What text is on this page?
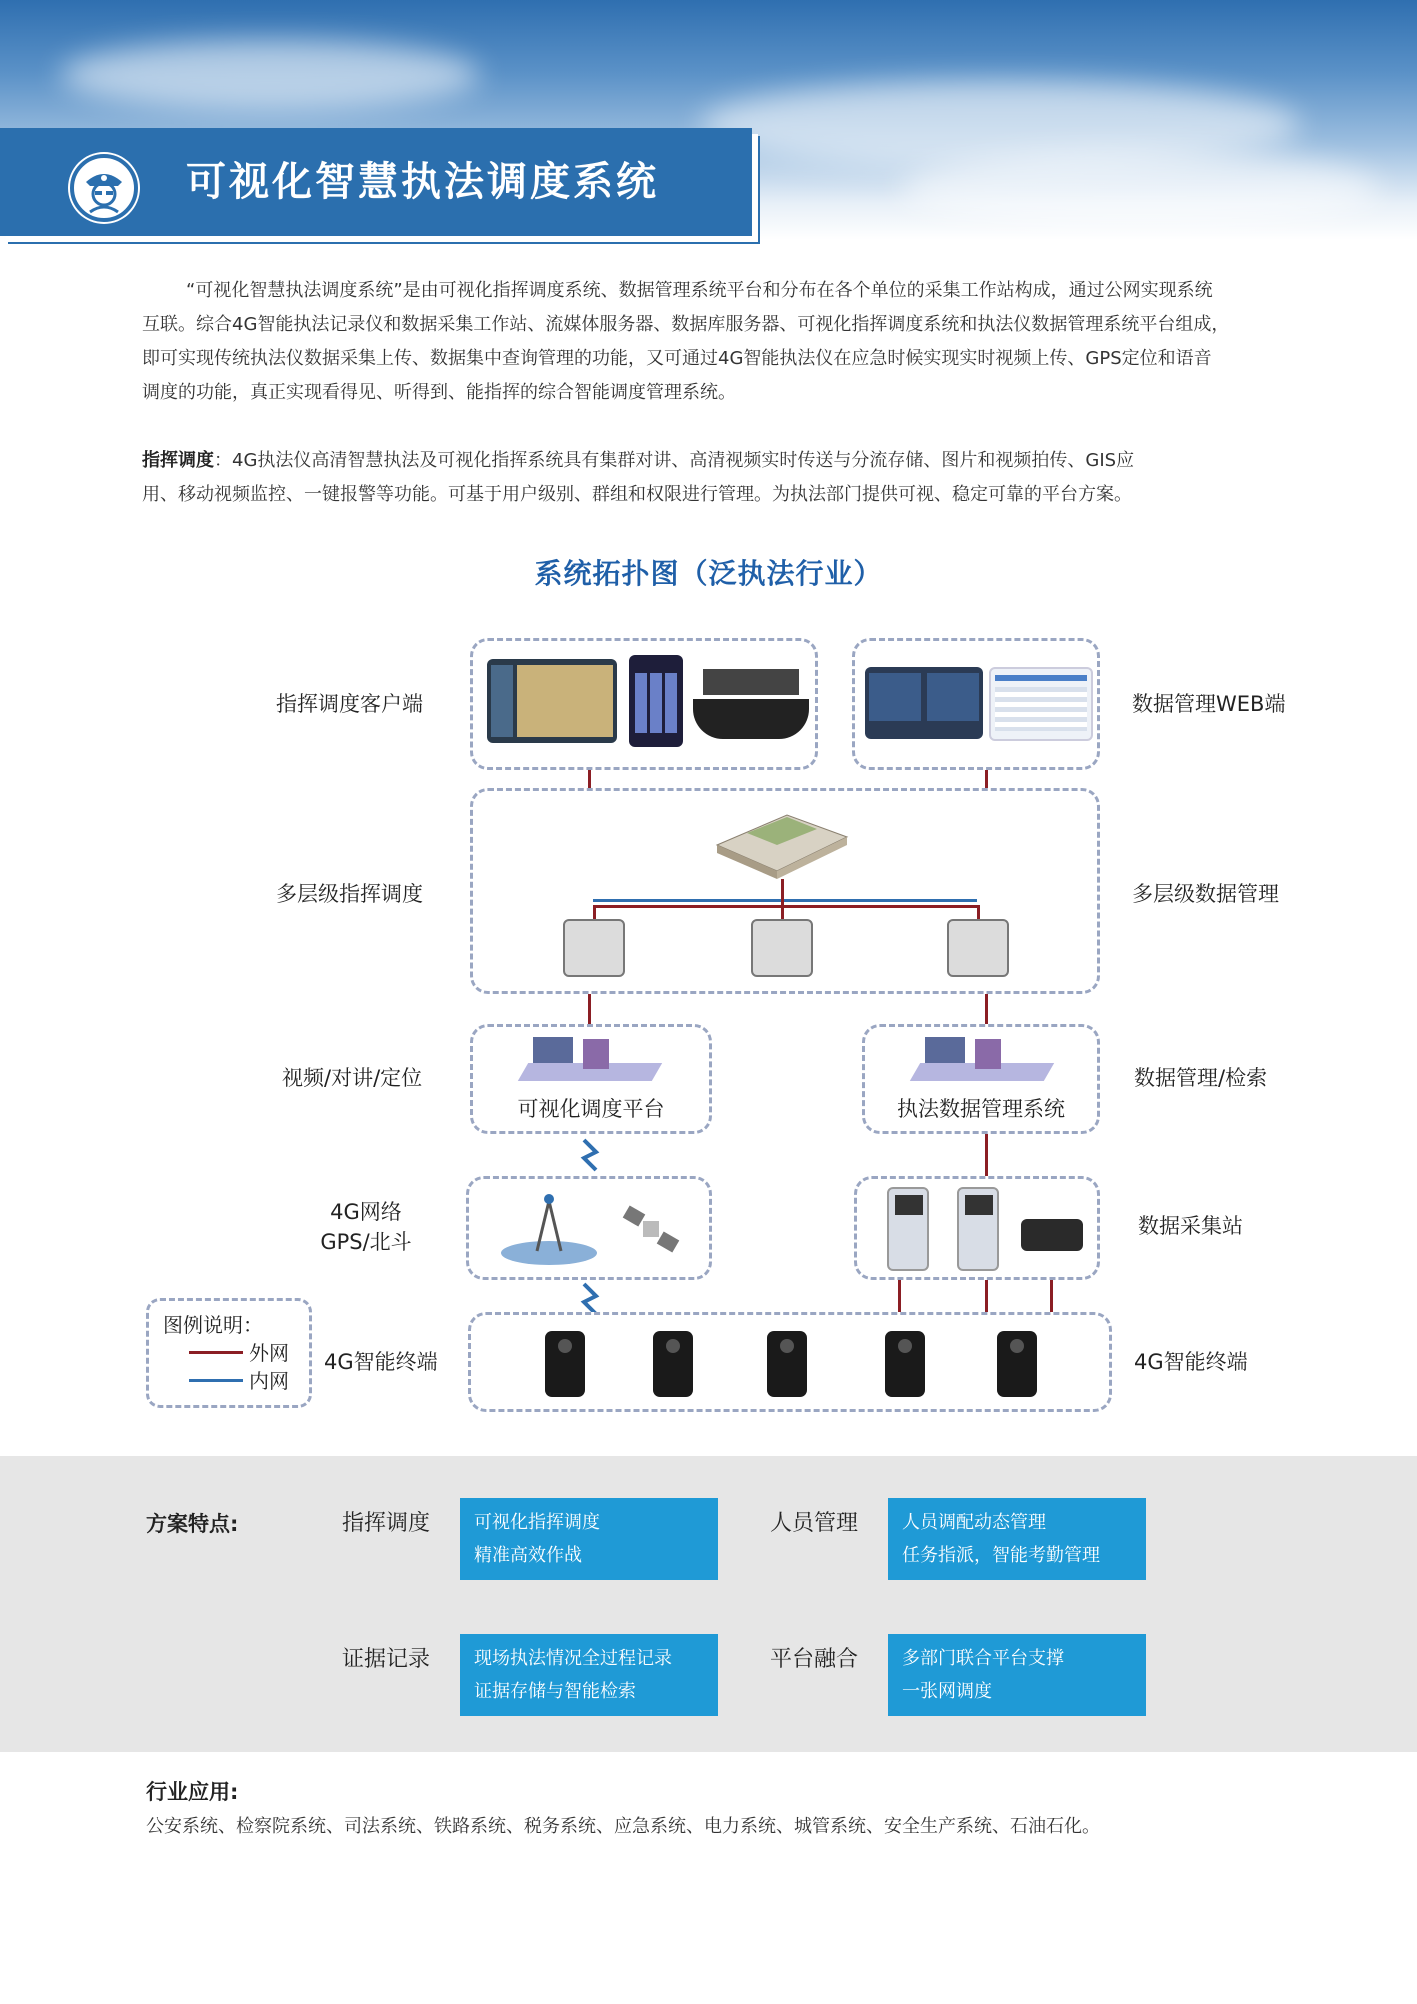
可视化智慧执法调度系统
“可视化智慧执法调度系统”是由可视化指挥调度系统、数据管理系统平台和分布在各个单位的采集工作站构成，通过公网实现系统
互联。综合4G智能执法记录仪和数据采集工作站、流媒体服务器、数据库服务器、可视化指挥调度系统和执法仪数据管理系统平台组成，
即可实现传统执法仪数据采集上传、数据集中查询管理的功能，又可通过4G智能执法仪在应急时候实现实时视频上传、GPS定位和语音
调度的功能，真正实现看得见、听得到、能指挥的综合智能调度管理系统。
指挥调度：4G执法仪高清智慧执法及可视化指挥系统具有集群对讲、高清视频实时传送与分流存储、图片和视频拍传、GIS应
用、移动视频监控、一键报警等功能。可基于用户级别、群组和权限进行管理。为执法部门提供可视、稳定可靠的平台方案。
系统拓扑图（泛执法行业）
可视化调度平台	执法数据管理系统
图例说明：
外网
内网
指挥调度客户端
多层级指挥调度
视频/对讲/定位
4G网络
GPS/北斗
4G智能终端
数据管理WEB端
多层级数据管理
数据管理/检索
数据采集站
4G智能终端
方案特点:	指挥调度 可视化指挥调度
精准高效作战
人员管理 人员调配动态管理
任务指派，智能考勤管理
证据记录 现场执法情况全过程记录
证据存储与智能检索
平台融合 多部门联合平台支撑
一张网调度
行业应用:
公安系统、检察院系统、司法系统、铁路系统、税务系统、应急系统、电力系统、城管系统、安全生产系统、石油石化。
